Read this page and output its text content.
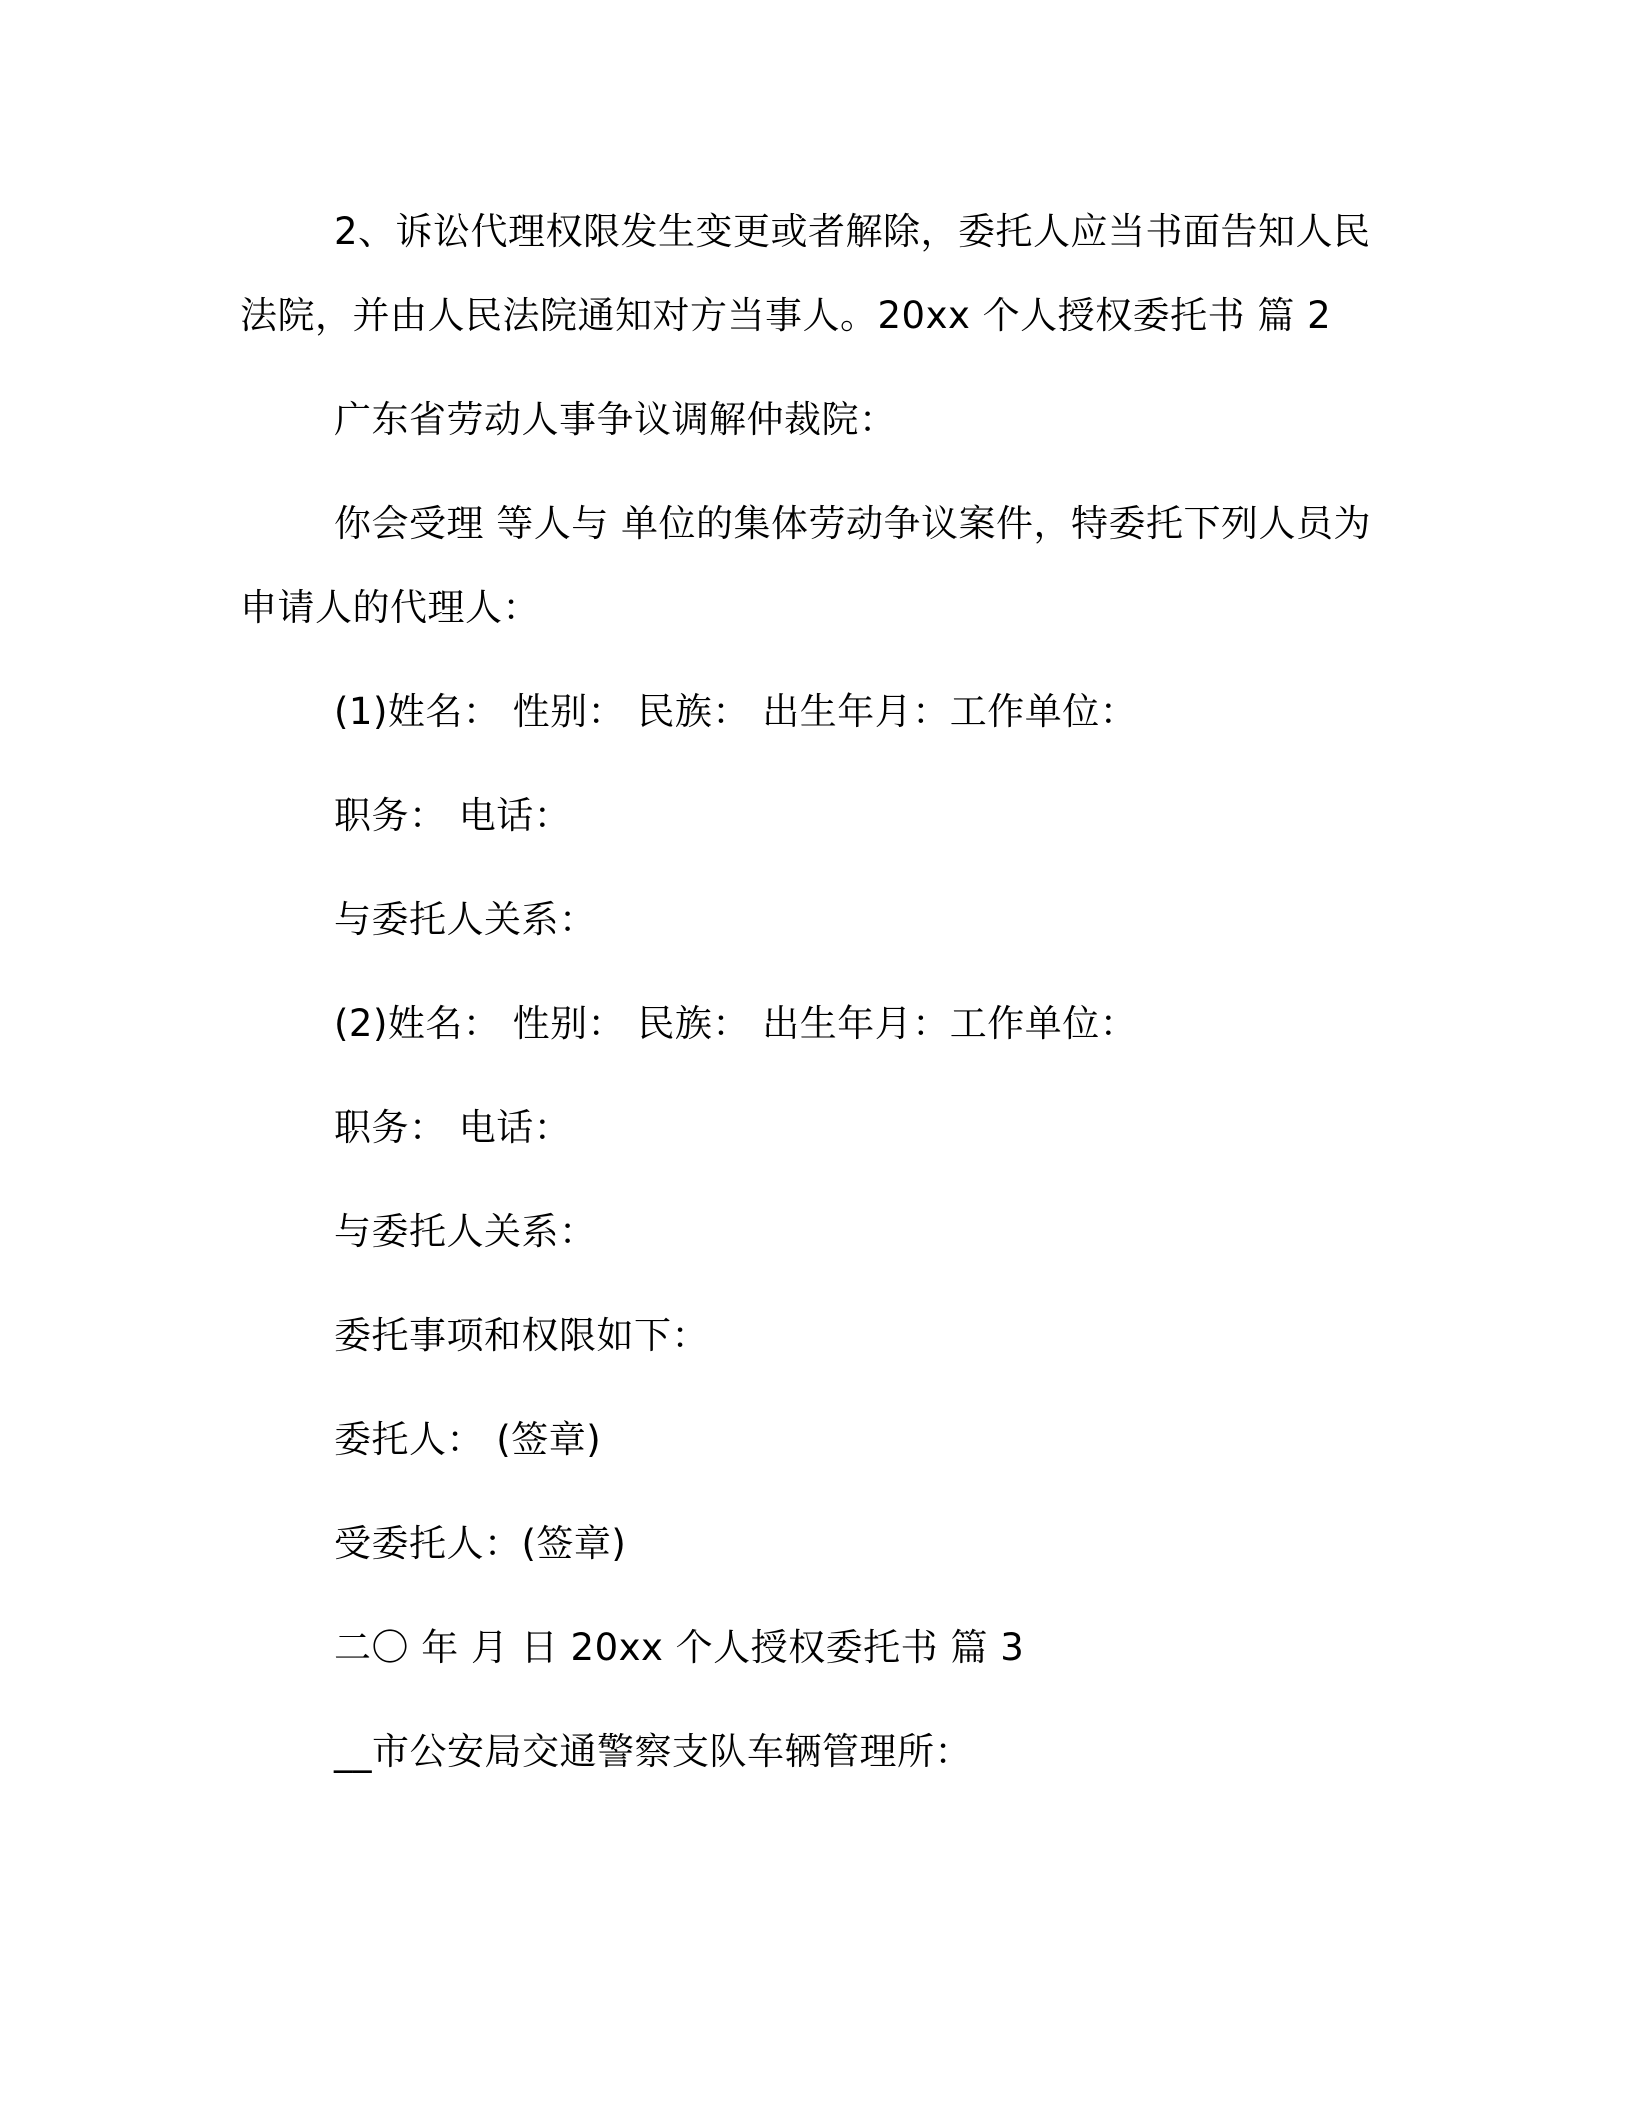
2、诉讼代理权限发生变更或者解除，委托人应当书面告知人民法院，并由人民法院通知对方当事人。20xx 个人授权委托书 篇 2

广东省劳动人事争议调解仲裁院：

你会受理 等人与 单位的集体劳动争议案件，特委托下列人员为申请人的代理人：

(1)姓名： 性别： 民族： 出生年月：工作单位：

职务： 电话：

与委托人关系：

(2)姓名： 性别： 民族： 出生年月：工作单位：

职务： 电话：

与委托人关系：

委托事项和权限如下：

委托人： (签章)

受委托人：(签章)

二〇 年 月 日 20xx 个人授权委托书 篇 3

__市公安局交通警察支队车辆管理所：
